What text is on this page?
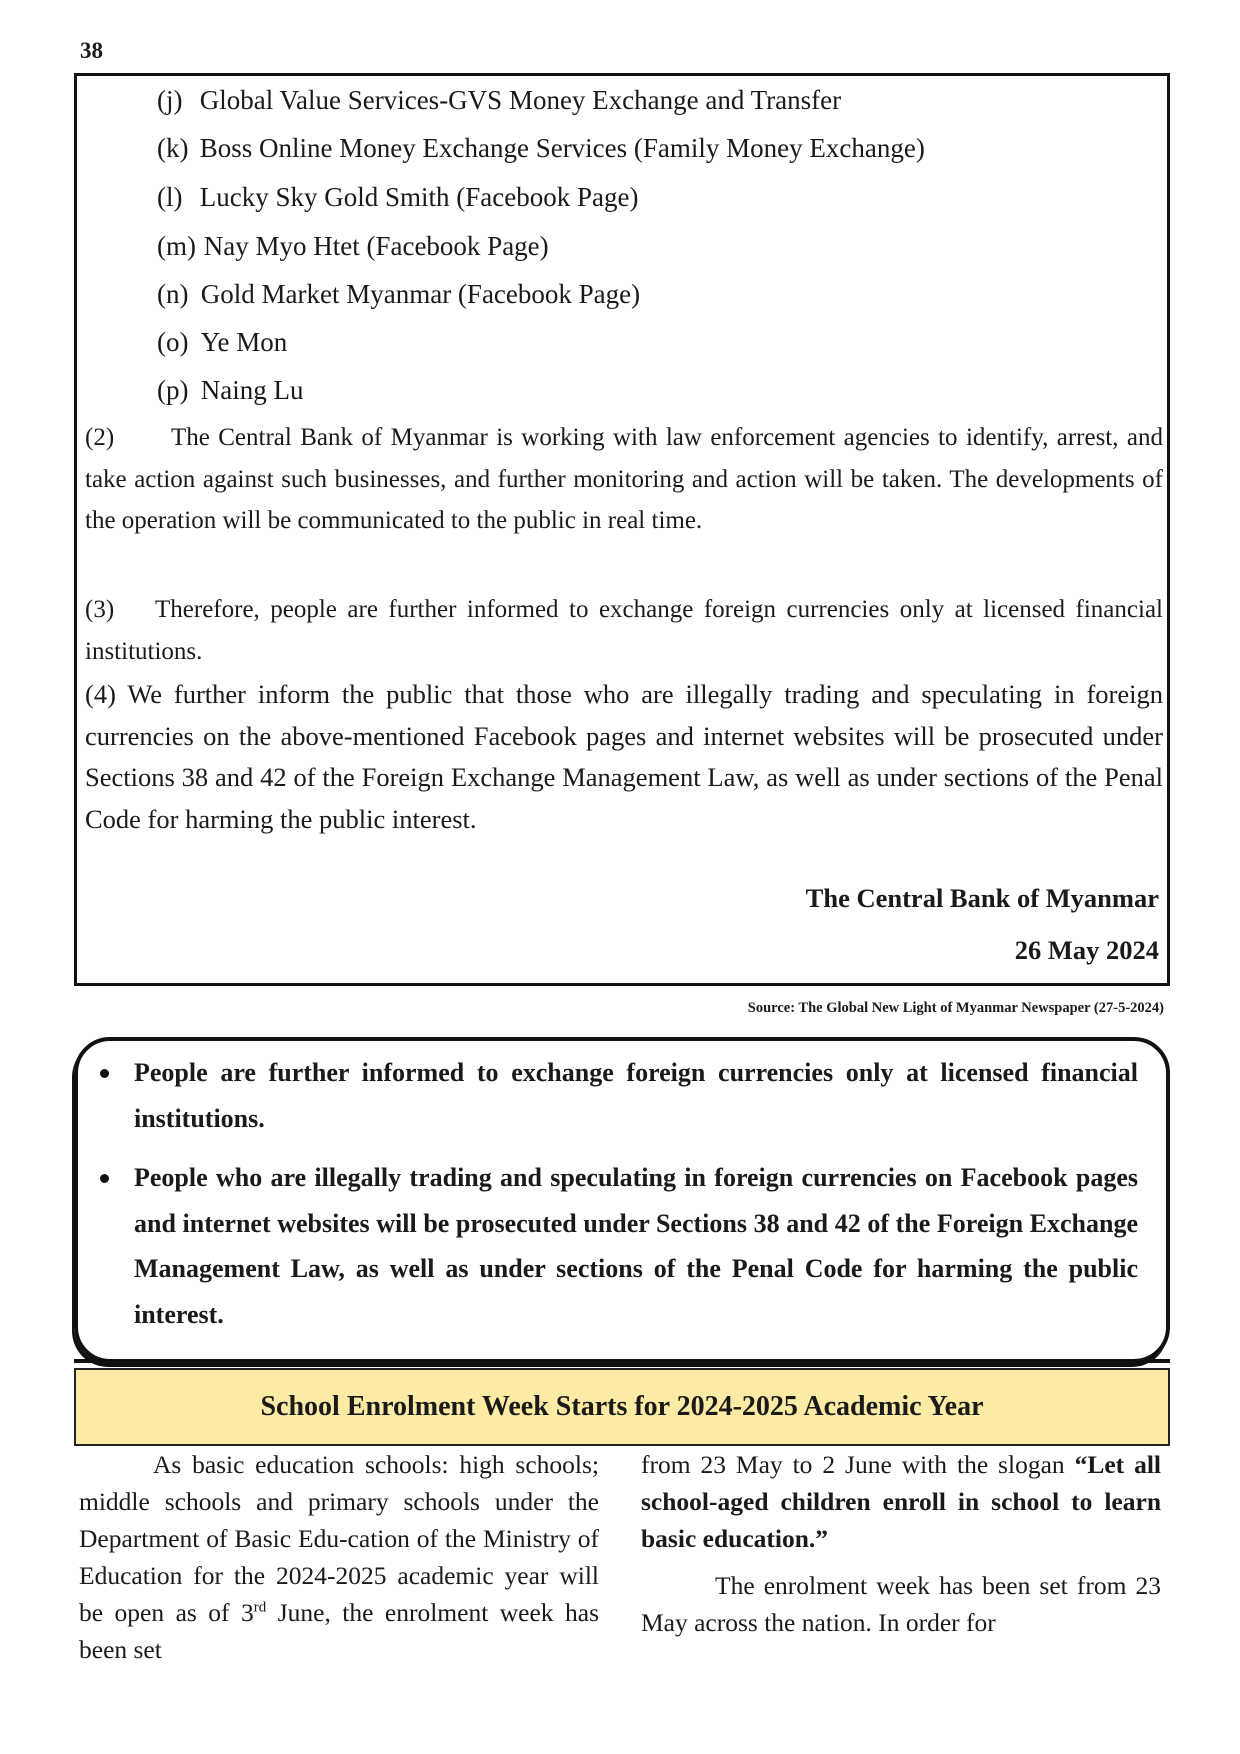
38
(j) Global Value Services-GVS Money Exchange and Transfer
(k) Boss Online Money Exchange Services (Family Money Exchange)
(l) Lucky Sky Gold Smith (Facebook Page)
(m) Nay Myo Htet (Facebook Page)
(n) Gold Market Myanmar (Facebook Page)
(o) Ye Mon
(p) Naing Lu
(2) The Central Bank of Myanmar is working with law enforcement agencies to identify, arrest, and take action against such businesses, and further monitoring and action will be taken. The developments of the operation will be communicated to the public in real time.
(3) Therefore, people are further informed to exchange foreign currencies only at licensed financial institutions.
(4) We further inform the public that those who are illegally trading and speculating in foreign currencies on the above-mentioned Facebook pages and internet websites will be prosecuted under Sections 38 and 42 of the Foreign Exchange Management Law, as well as under sections of the Penal Code for harming the public interest.
The Central Bank of Myanmar
26 May 2024
Source: The Global New Light of Myanmar Newspaper (27-5-2024)
People are further informed to exchange foreign currencies only at licensed financial institutions.
People who are illegally trading and speculating in foreign currencies on Facebook pages and internet websites will be prosecuted under Sections 38 and 42 of the Foreign Exchange Management Law, as well as under sections of the Penal Code for harming the public interest.
School Enrolment Week Starts for 2024-2025 Academic Year

As basic education schools: high schools; middle schools and primary schools under the Department of Basic Edu-cation of the Ministry of Education for the 2024-2025 academic year will be open as of 3rd June, the enrolment week has been set

from 23 May to 2 June with the slogan “Let all school-aged children enroll in school to learn basic education.”

The enrolment week has been set from 23 May across the nation. In order for
